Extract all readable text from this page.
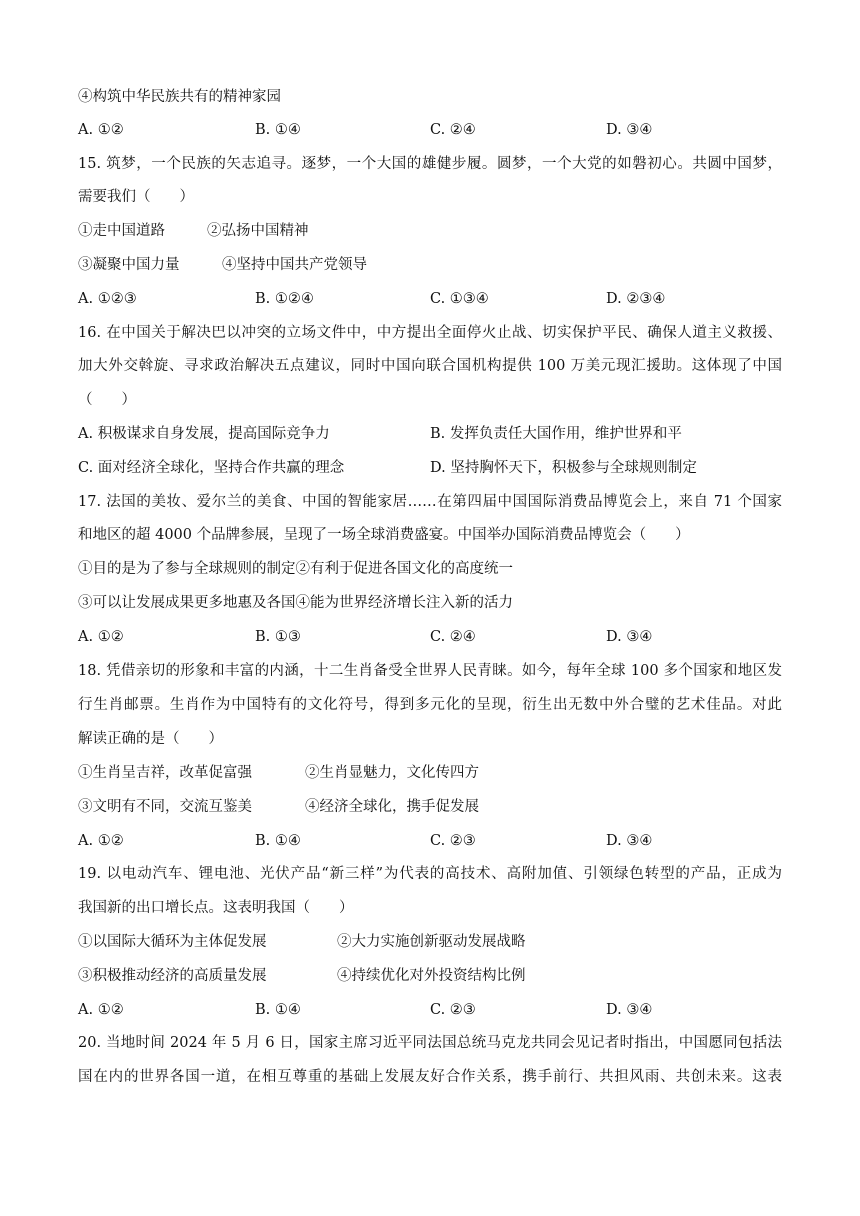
④构筑中华民族共有的精神家园
A. ①②	B. ①④	C. ②④	D. ③④
15. 筑梦，一个民族的矢志追寻。逐梦，一个大国的雄健步履。圆梦，一个大党的如磐初心。共圆中国梦，
需要我们（　　）
①走中国道路	②弘扬中国精神
③凝聚中国力量	④坚持中国共产党领导
A. ①②③	B. ①②④	C. ①③④	D. ②③④
16. 在中国关于解决巴以冲突的立场文件中，中方提出全面停火止战、切实保护平民、确保人道主义救援、
加大外交斡旋、寻求政治解决五点建议，同时中国向联合国机构提供 100 万美元现汇援助。这体现了中国
（　　）
A. 积极谋求自身发展，提高国际竞争力	B. 发挥负责任大国作用，维护世界和平
C. 面对经济全球化，坚持合作共赢的理念	D. 坚持胸怀天下，积极参与全球规则制定
17. 法国的美妆、爱尔兰的美食、中国的智能家居……在第四届中国国际消费品博览会上，来自 71 个国家
和地区的超 4000 个品牌参展，呈现了一场全球消费盛宴。中国举办国际消费品博览会（　　）
①目的是为了参与全球规则的制定②有利于促进各国文化的高度统一
③可以让发展成果更多地惠及各国④能为世界经济增长注入新的活力
A. ①②	B. ①③	C. ②④	D. ③④
18. 凭借亲切的形象和丰富的内涵，十二生肖备受全世界人民青睐。如今，每年全球 100 多个国家和地区发
行生肖邮票。生肖作为中国特有的文化符号，得到多元化的呈现，衍生出无数中外合璧的艺术佳品。对此
解读正确的是（　　）
①生肖呈吉祥，改革促富强	②生肖显魅力，文化传四方
③文明有不同，交流互鉴美	④经济全球化，携手促发展
A. ①②	B. ①④	C. ②③	D. ③④
19. 以电动汽车、锂电池、光伏产品“新三样”为代表的高技术、高附加值、引领绿色转型的产品，正成为
我国新的出口增长点。这表明我国（　　）
①以国际大循环为主体促发展	②大力实施创新驱动发展战略
③积极推动经济的高质量发展	④持续优化对外投资结构比例
A. ①②	B. ①④	C. ②③	D. ③④
20. 当地时间 2024 年 5 月 6 日，国家主席习近平同法国总统马克龙共同会见记者时指出，中国愿同包括法
国在内的世界各国一道，在相互尊重的基础上发展友好合作关系，携手前行、共担风雨、共创未来。这表
